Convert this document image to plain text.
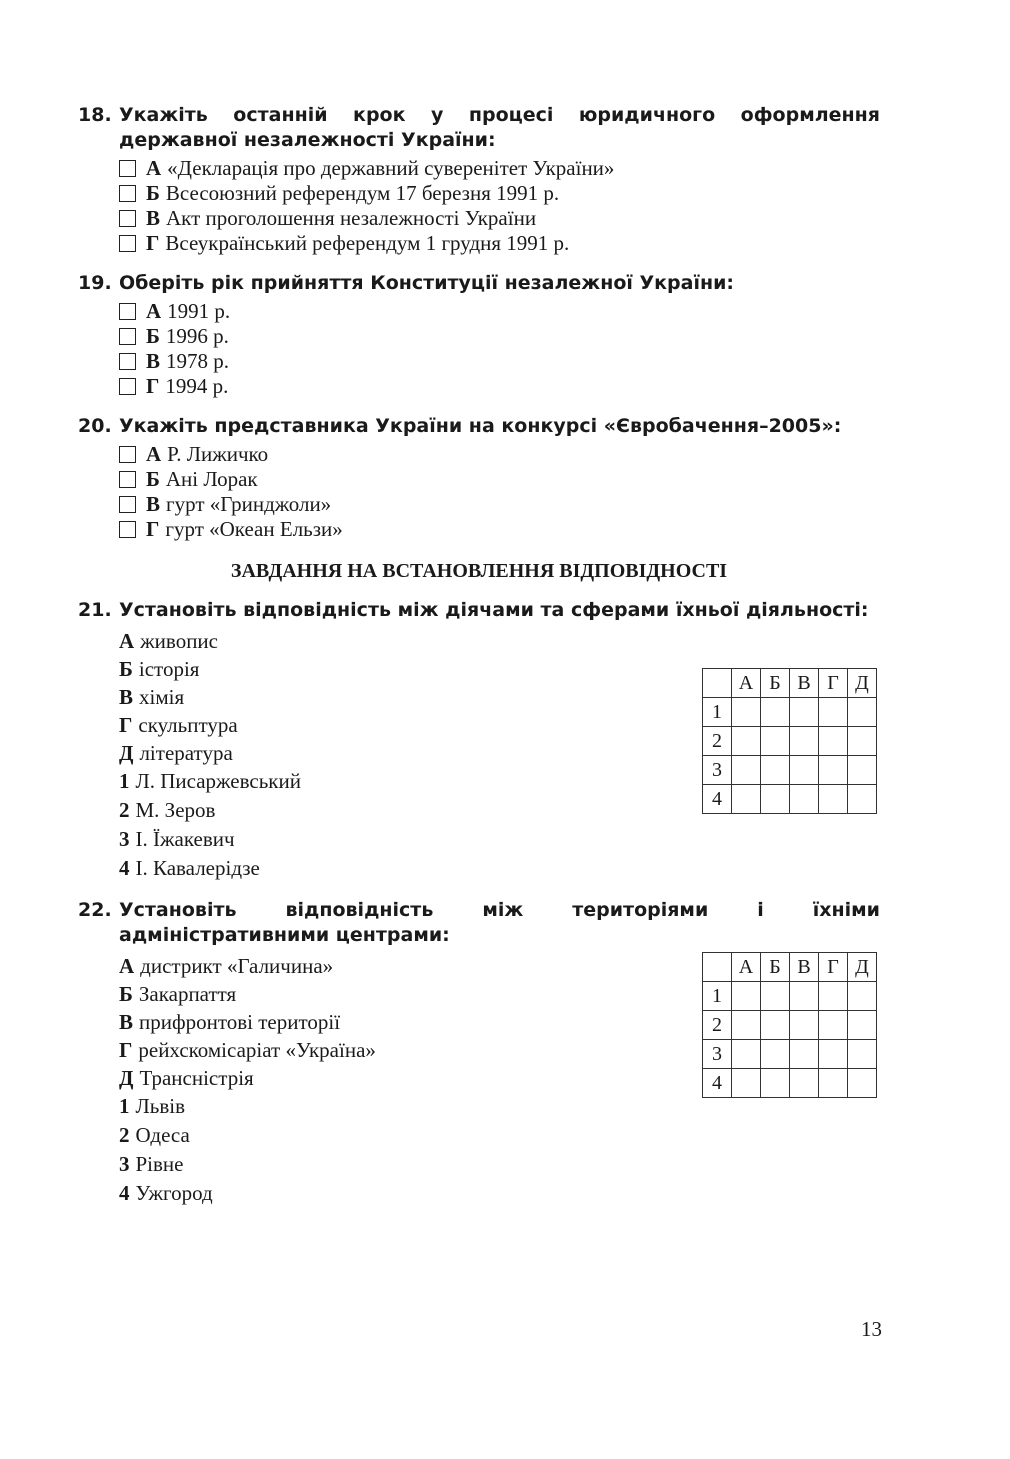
18. Укажіть останній крок у процесі юридичного оформлення державної незалежності України:
А «Декларація про державний суверенітет України»
Б Всесоюзний референдум 17 березня 1991 р.
В Акт проголошення незалежності України
Г Всеукраїнський референдум 1 грудня 1991 р.
19. Оберіть рік прийняття Конституції незалежної України:
А 1991 р.
Б 1996 р.
В 1978 р.
Г 1994 р.
20. Укажіть представника України на конкурсі «Євробачення–2005»:
А Р. Лижичко
Б Ані Лорак
В гурт «Гринджоли»
Г гурт «Океан Ельзи»
ЗАВДАННЯ НА ВСТАНОВЛЕННЯ ВІДПОВІДНОСТІ
21. Установіть відповідність між діячами та сферами їхньої діяльності:
А живопис
Б історія
В хімія
Г скульптура
Д література
1 Л. Писаржевський
2 М. Зеров
3 І. Їжакевич
4 І. Кавалерідзе
	А	Б	В	Г	Д
1					
2					
3					
4					
22. Установіть відповідність між територіями і їхніми адміністративними центрами:
А дистрикт «Галичина»
Б Закарпаття
В прифронтові території
Г рейхскомісаріат «Україна»
Д Трансністрія
1 Львів
2 Одеса
3 Рівне
4 Ужгород
	А	Б	В	Г	Д
1					
2					
3					
4					
13
